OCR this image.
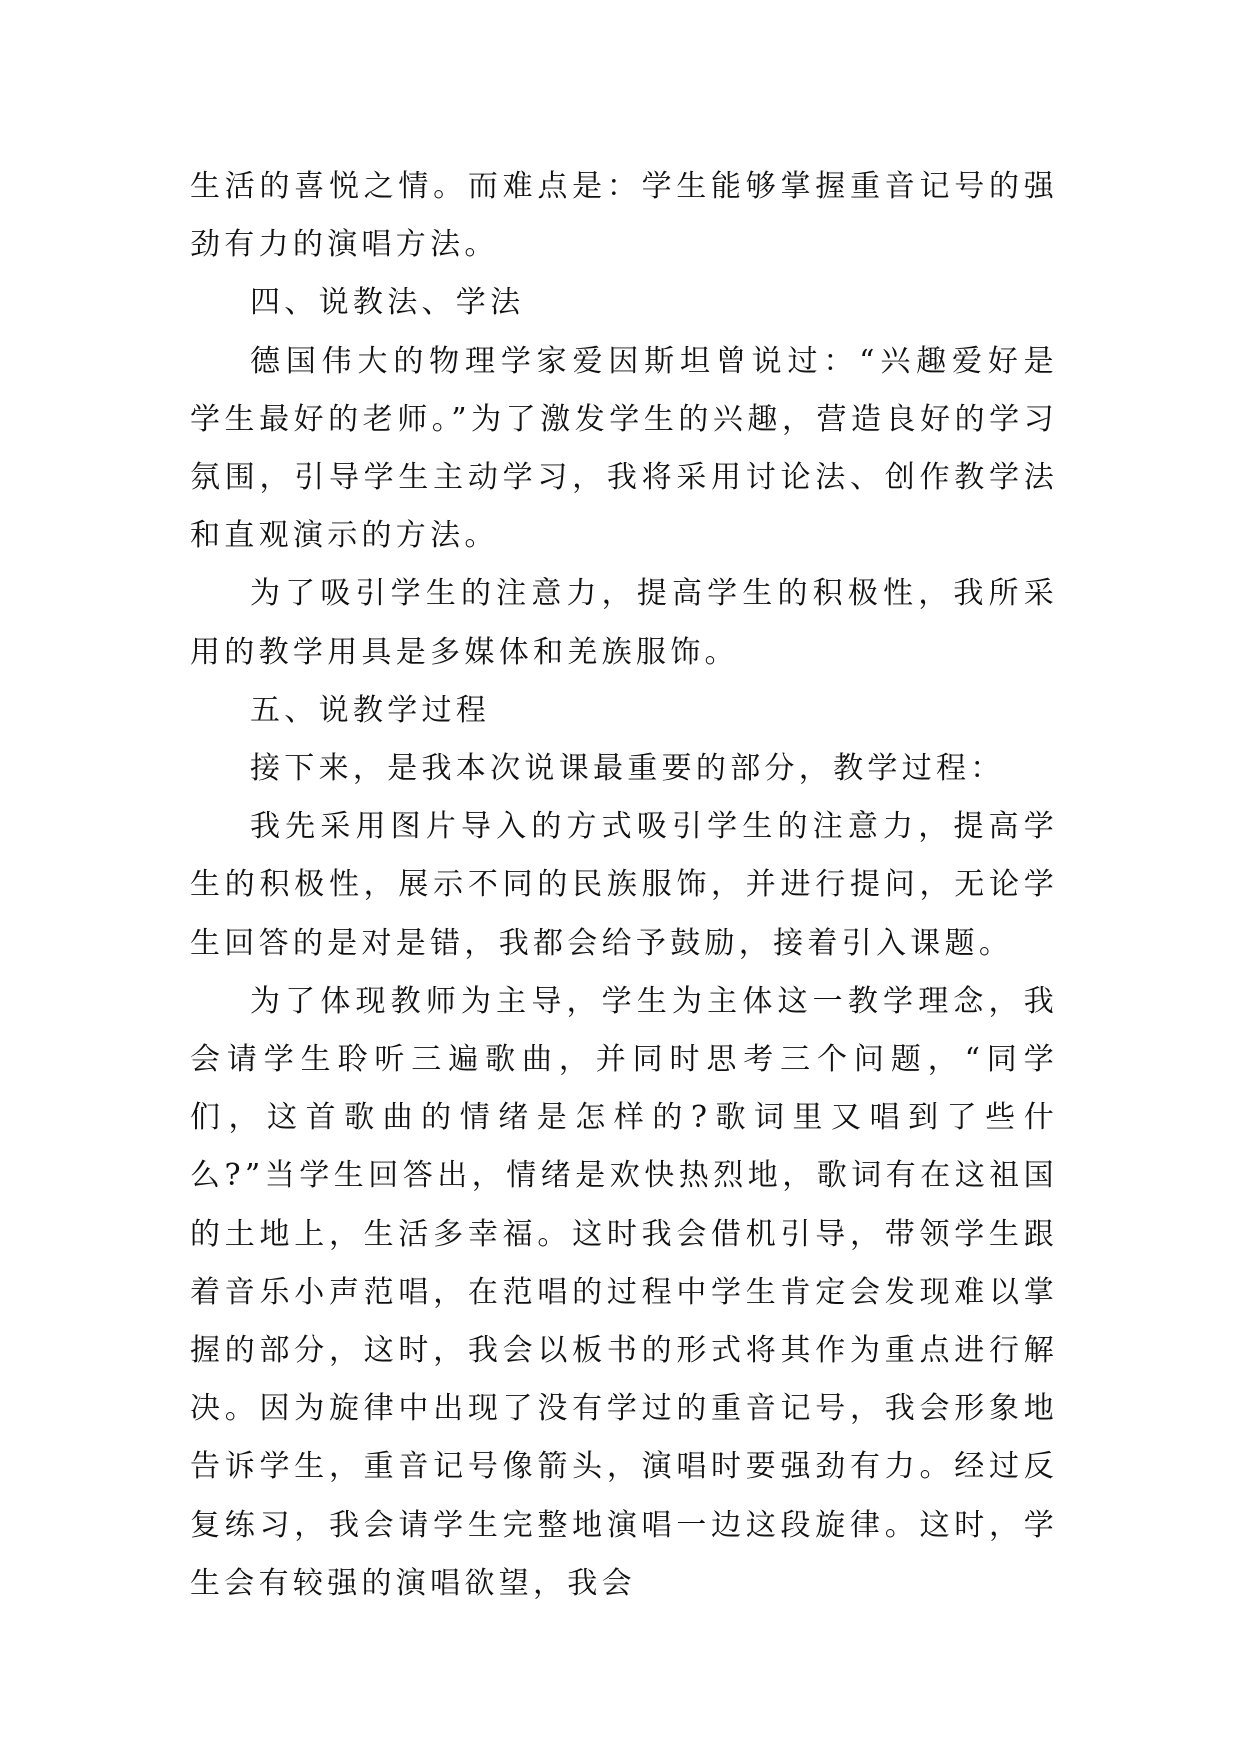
生活的喜悦之情。而难点是：学生能够掌握重音记号的强劲有力的演唱方法。

四、说教法、学法

德国伟大的物理学家爱因斯坦曾说过：“兴趣爱好是学生最好的老师。”为了激发学生的兴趣，营造良好的学习氛围，引导学生主动学习，我将采用讨论法、创作教学法和直观演示的方法。

为了吸引学生的注意力，提高学生的积极性，我所采用的教学用具是多媒体和羌族服饰。

五、说教学过程

接下来，是我本次说课最重要的部分，教学过程：

我先采用图片导入的方式吸引学生的注意力，提高学生的积极性，展示不同的民族服饰，并进行提问，无论学生回答的是对是错，我都会给予鼓励，接着引入课题。

为了体现教师为主导，学生为主体这一教学理念，我会请学生聆听三遍歌曲，并同时思考三个问题，“同学们，这首歌曲的情绪是怎样的?歌词里又唱到了些什么?”当学生回答出，情绪是欢快热烈地，歌词有在这祖国的土地上，生活多幸福。这时我会借机引导，带领学生跟着音乐小声范唱，在范唱的过程中学生肯定会发现难以掌握的部分，这时，我会以板书的形式将其作为重点进行解决。因为旋律中出现了没有学过的重音记号，我会形象地告诉学生，重音记号像箭头，演唱时要强劲有力。经过反复练习，我会请学生完整地演唱一边这段旋律。这时，学生会有较强的演唱欲望，我会
